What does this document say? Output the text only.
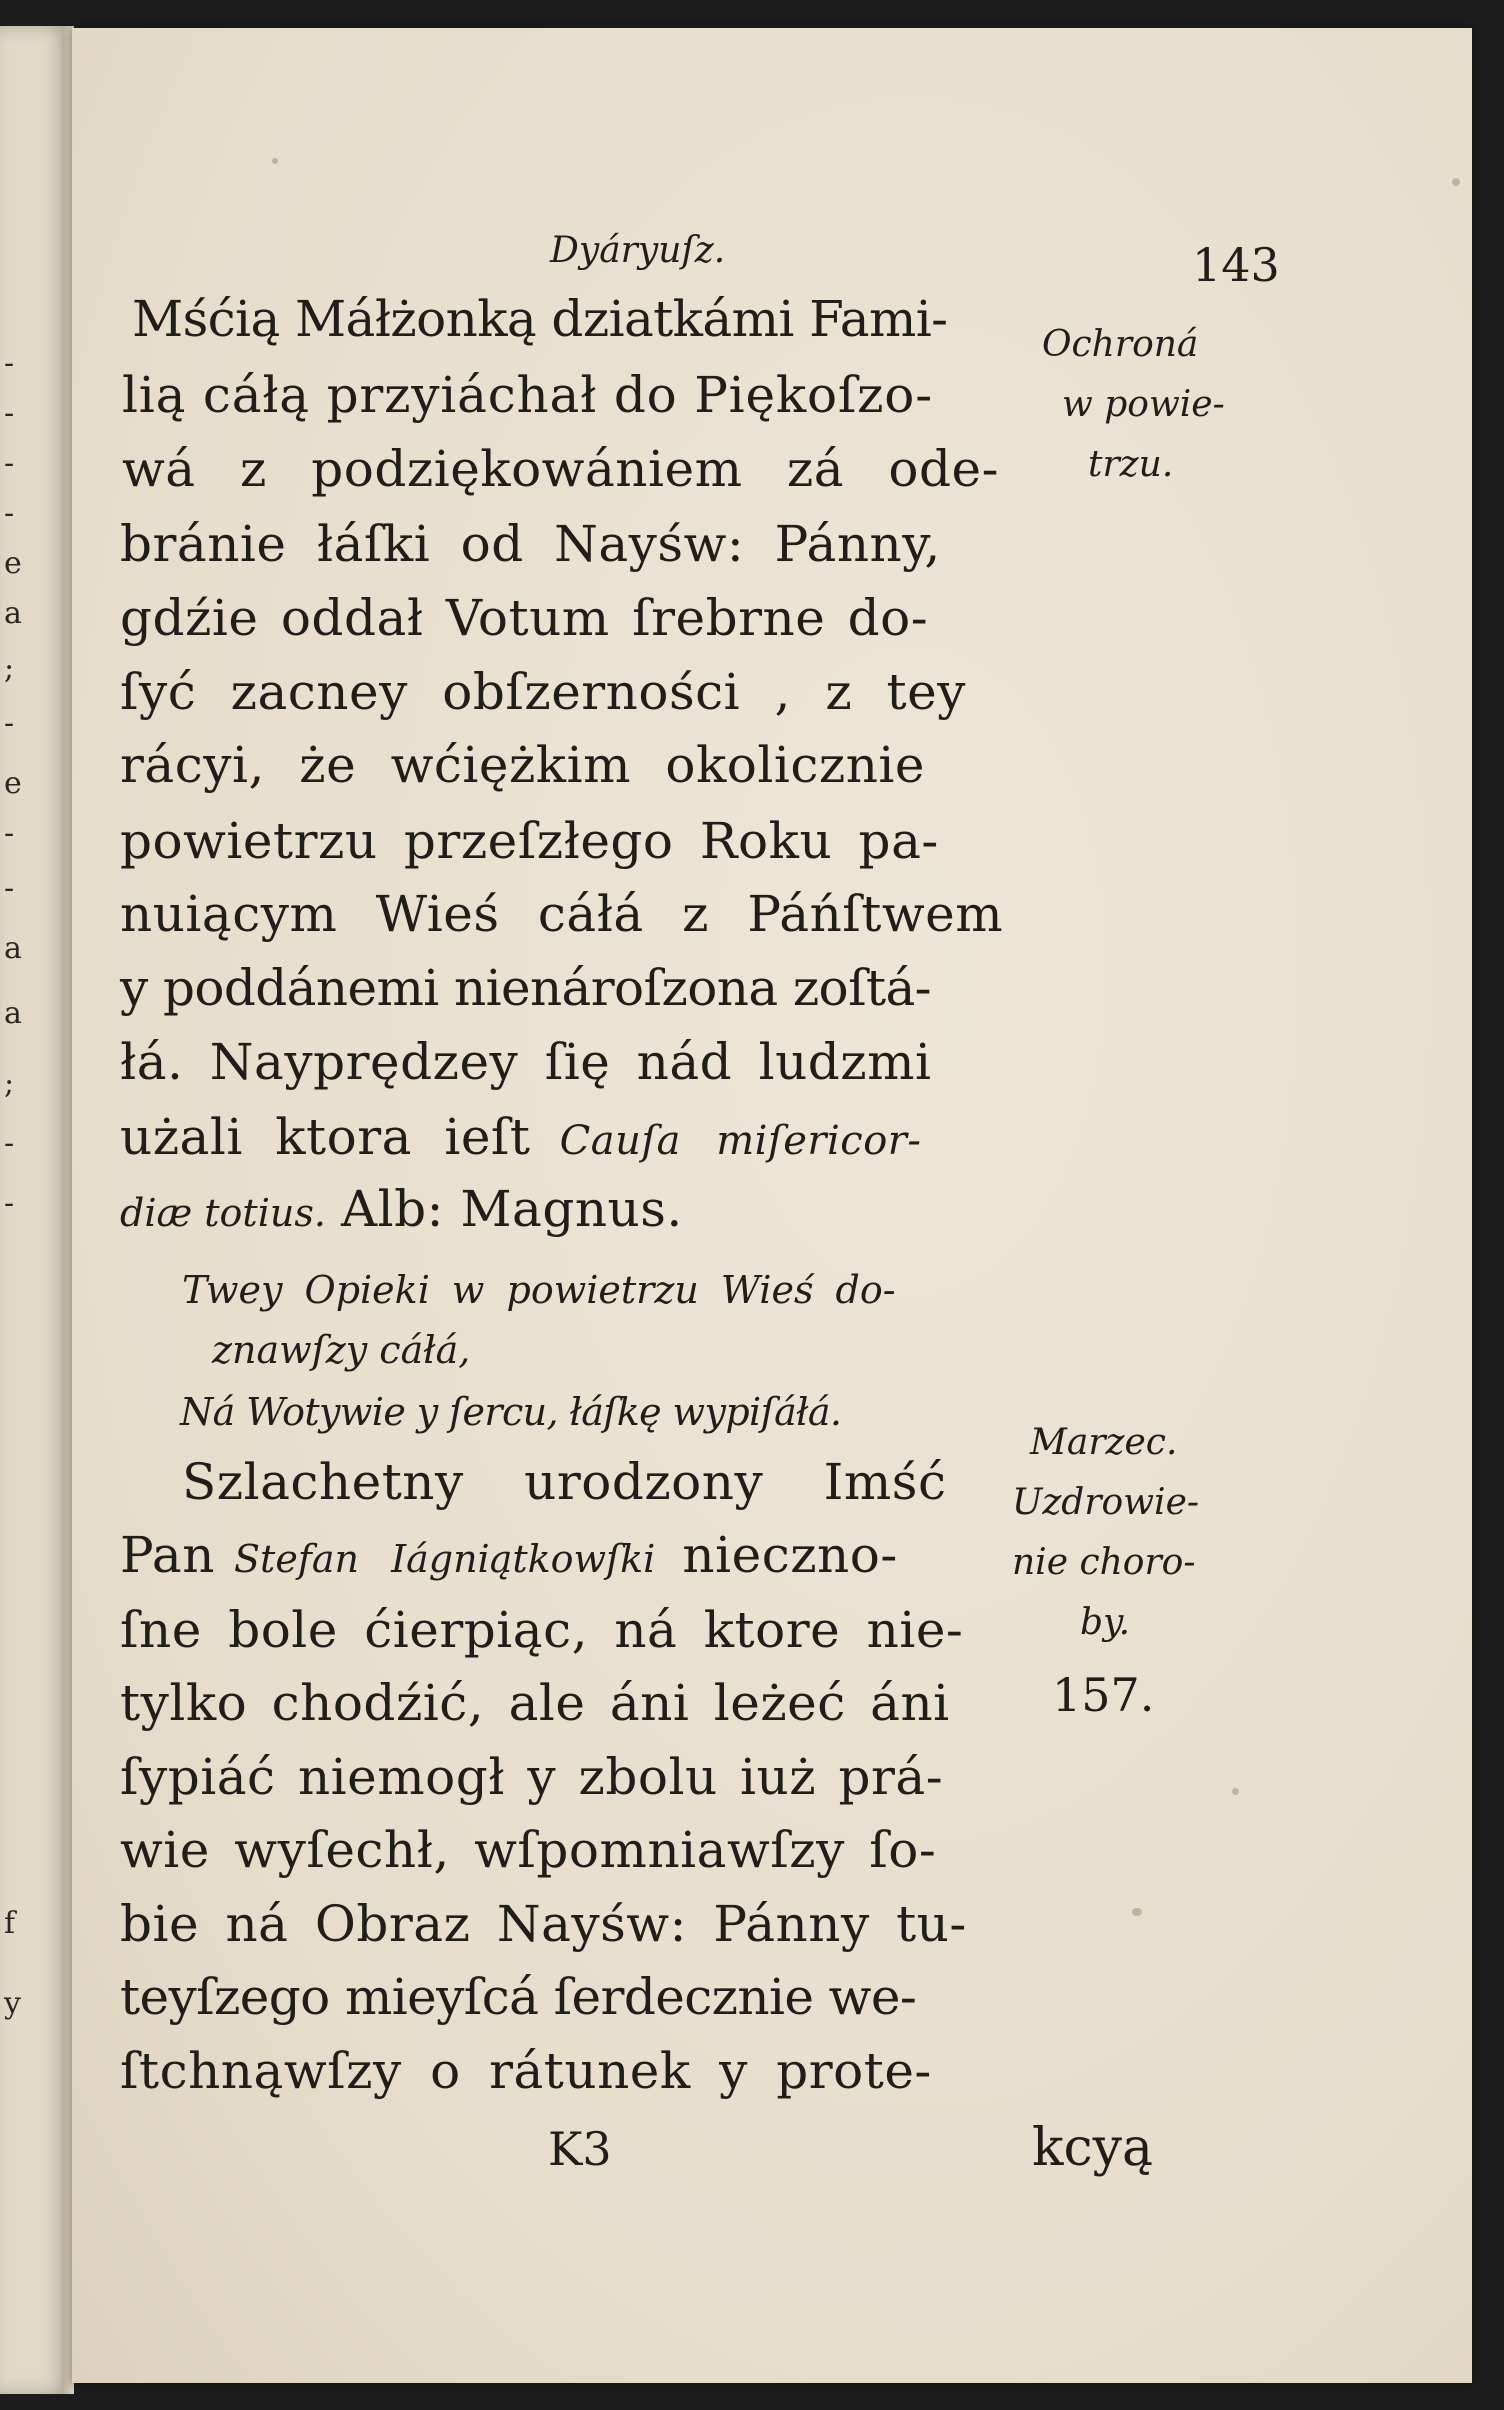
-
-
-
-
e
a
;
-
e
-
-
a
a
;
-
-
f
y
Dyáryuſz.	143
Mśćią Máłżonką dziatkámi Fami-
lią cáłą przyiáchał do Piękoſzo-
wá z podziękowániem zá ode-
bránie łáſki od Nayśw: Pánny,
gdźie oddał Votum ſrebrne do-
ſyć zacney obſzerności , z tey
rácyi, że wćiężkim okolicznie
powietrzu przeſzłego Roku pa-
nuiącym Wieś cáłá z Páńſtwem
y poddánemi nienároſzona zoſtá-
łá. Nayprędzey ſię nád ludzmi
użali ktora ieſt Cauſa miſericor-
diæ totius. Alb: Magnus.
Twey Opieki w powietrzu Wieś do-
znawſzy cáłá,
Ná Wotywie y ſercu, łáſkę wypiſáłá.
Szlachetny urodzony Imść
Pan Stefan Iágniątkowſki nieczno-
ſne bole ćierpiąc, ná ktore nie-
tylko chodźić, ale áni leżeć áni
ſypiáć niemogł y zbolu iuż prá-
wie wyſechł, wſpomniawſzy ſo-
bie ná Obraz Nayśw: Pánny tu-
teyſzego mieyſcá ſerdecznie we-
ſtchnąwſzy o rátunek y prote-
K3	kcyą
Ochroná
w powie-
trzu.
Marzec.
Uzdrowie-
nie choro-
by.
157.
